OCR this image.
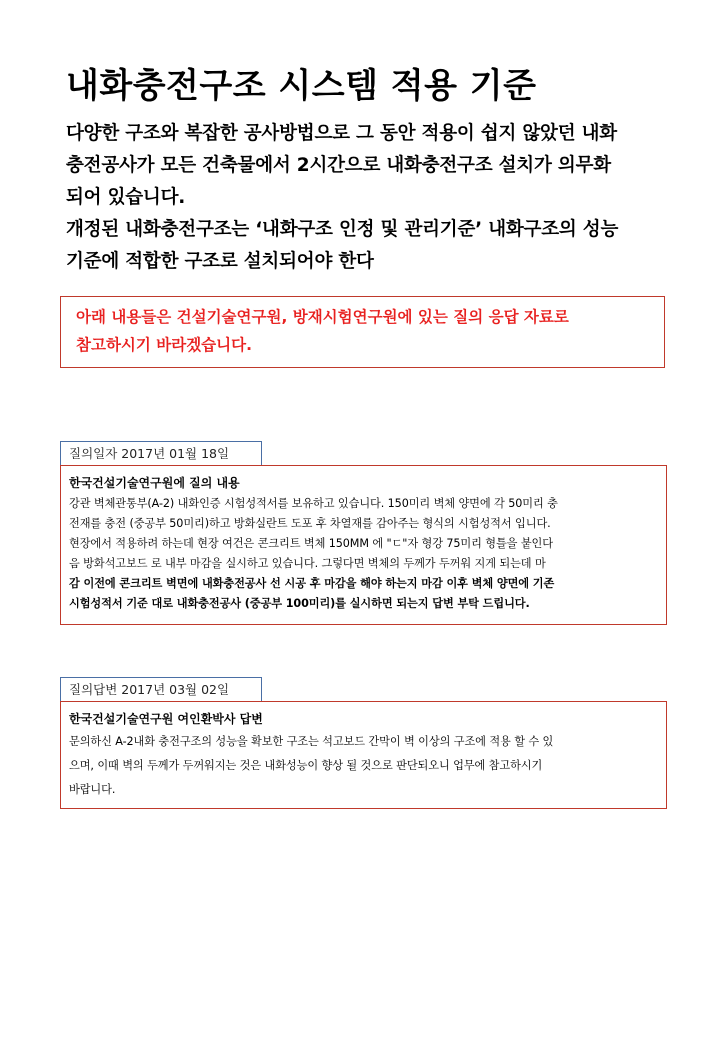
내화충전구조 시스템 적용 기준

다양한 구조와 복잡한 공사방법으로 그 동안 적용이 쉽지 않았던 내화

충전공사가 모든 건축물에서 2시간으로 내화충전구조 설치가 의무화

되어 있습니다.

개정된 내화충전구조는 ‘내화구조 인정 및 관리기준’ 내화구조의 성능

기준에 적합한 구조로 설치되어야 한다

아래 내용들은 건설기술연구원, 방재시험연구원에 있는 질의 응답 자료로

참고하시기 바라겠습니다.

질의일자 2017년 01월 18일

한국건설기술연구원에 질의 내용

강관 벽체관통부(A-2) 내화인증 시험성적서를 보유하고 있습니다. 150미리 벽체 양면에 각 50미리 충

전재를 충전 (중공부 50미리)하고 방화실란트 도포 후 차열재를 감아주는 형식의 시험성적서 입니다.

현장에서 적용하려 하는데 현장 여건은 콘크리트 벽체 150MM 에 "ㄷ"자 형강 75미리 형틀을 붙인다

음 방화석고보드 로 내부 마감을 실시하고 있습니다. 그렇다면 벽체의 두께가 두꺼워 지게 되는데 마

감 이전에 콘크리트 벽면에 내화충전공사 선 시공 후 마감을 해야 하는지 마감 이후 벽체 양면에 기존

시험성적서 기준 대로 내화충전공사 (중공부 100미리)를 실시하면 되는지 답변 부탁 드립니다.

질의답변 2017년 03월 02일

한국건설기술연구원 여인환박사 답변

문의하신 A-2내화 충전구조의 성능을 확보한 구조는 석고보드 간막이 벽 이상의 구조에 적용 할 수 있

으며, 이때 벽의 두께가 두꺼워지는 것은 내화성능이 향상 될 것으로 판단되오니 업무에 참고하시기

바랍니다.
